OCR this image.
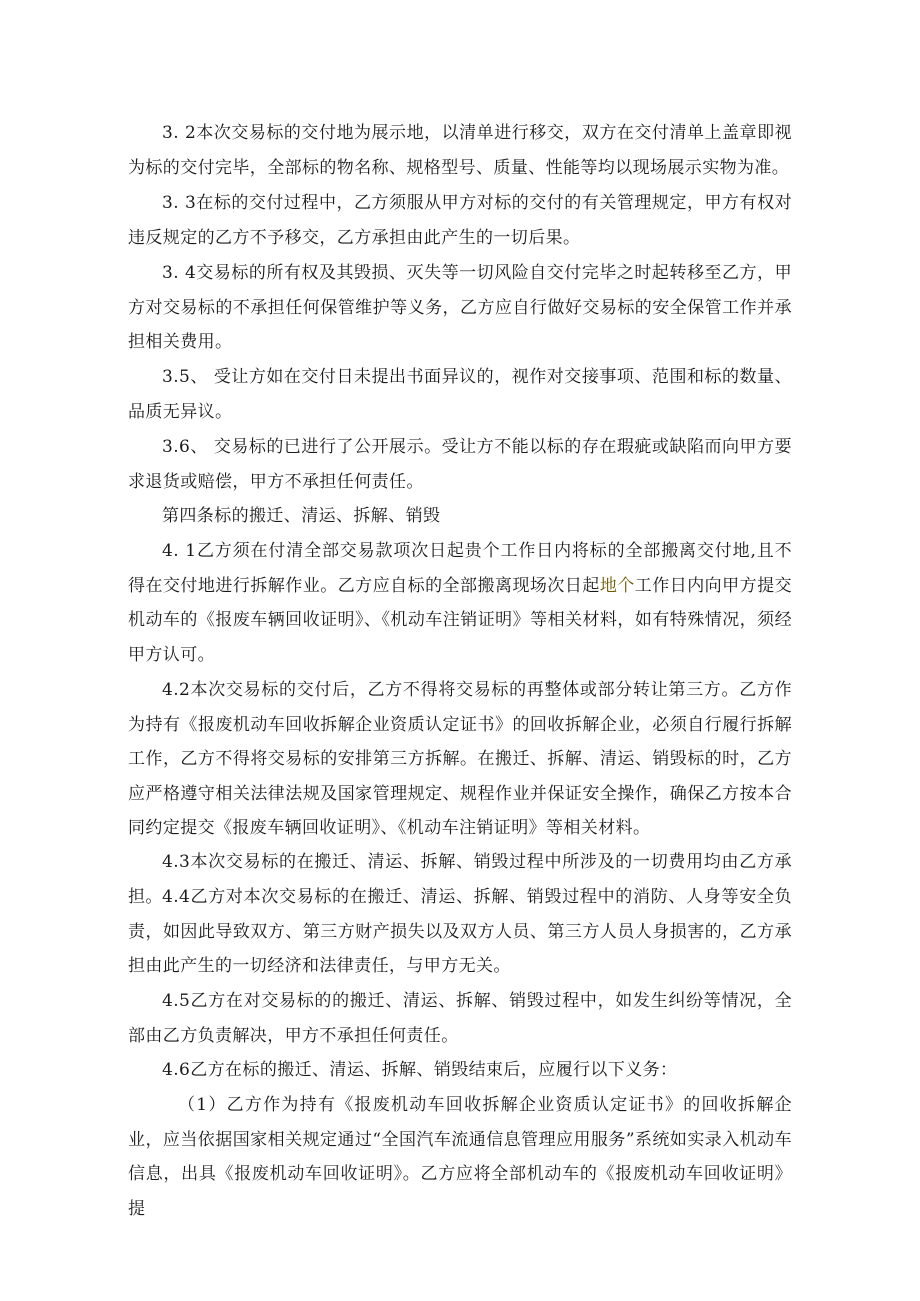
3. 2本次交易标的交付地为展示地，以清单进行移交，双方在交付清单上盖章即视为标的交付完毕，全部标的物名称、规格型号、质量、性能等均以现场展示实物为准。

3. 3在标的交付过程中，乙方须服从甲方对标的交付的有关管理规定，甲方有权对违反规定的乙方不予移交，乙方承担由此产生的一切后果。

3. 4交易标的所有权及其毁损、灭失等一切风险自交付完毕之时起转移至乙方，甲方对交易标的不承担任何保管维护等义务，乙方应自行做好交易标的安全保管工作并承担相关费用。

3.5、 受让方如在交付日未提出书面异议的，视作对交接事项、范围和标的数量、品质无异议。

3.6、 交易标的已进行了公开展示。受让方不能以标的存在瑕疵或缺陷而向甲方要求退货或赔偿，甲方不承担任何责任。

第四条标的搬迁、清运、拆解、销毁

4. 1乙方须在付清全部交易款项次日起贵个工作日内将标的全部搬离交付地,且不得在交付地进行拆解作业。乙方应自标的全部搬离现场次日起地个工作日内向甲方提交机动车的《报废车辆回收证明》、《机动车注销证明》等相关材料，如有特殊情况，须经甲方认可。

4.2本次交易标的交付后，乙方不得将交易标的再整体或部分转让第三方。乙方作为持有《报废机动车回收拆解企业资质认定证书》的回收拆解企业，必须自行履行拆解工作，乙方不得将交易标的安排第三方拆解。在搬迁、拆解、清运、销毁标的时，乙方应严格遵守相关法律法规及国家管理规定、规程作业并保证安全操作，确保乙方按本合同约定提交《报废车辆回收证明》、《机动车注销证明》等相关材料。

4.3本次交易标的在搬迁、清运、拆解、销毁过程中所涉及的一切费用均由乙方承担。 4.4乙方对本次交易标的在搬迁、清运、拆解、销毁过程中的消防、人身等安全负责，如因此导致双方、第三方财产损失以及双方人员、第三方人员人身损害的，乙方承担由此产生的一切经济和法律责任，与甲方无关。

4.5乙方在对交易标的的搬迁、清运、拆解、销毁过程中，如发生纠纷等情况，全部由乙方负责解决，甲方不承担任何责任。

4.6乙方在标的搬迁、清运、拆解、销毁结束后，应履行以下义务：

（1）乙方作为持有《报废机动车回收拆解企业资质认定证书》的回收拆解企业，应当依据国家相关规定通过“全国汽车流通信息管理应用服务”系统如实录入机动车信息，出具《报废机动车回收证明》。乙方应将全部机动车的《报废机动车回收证明》提
